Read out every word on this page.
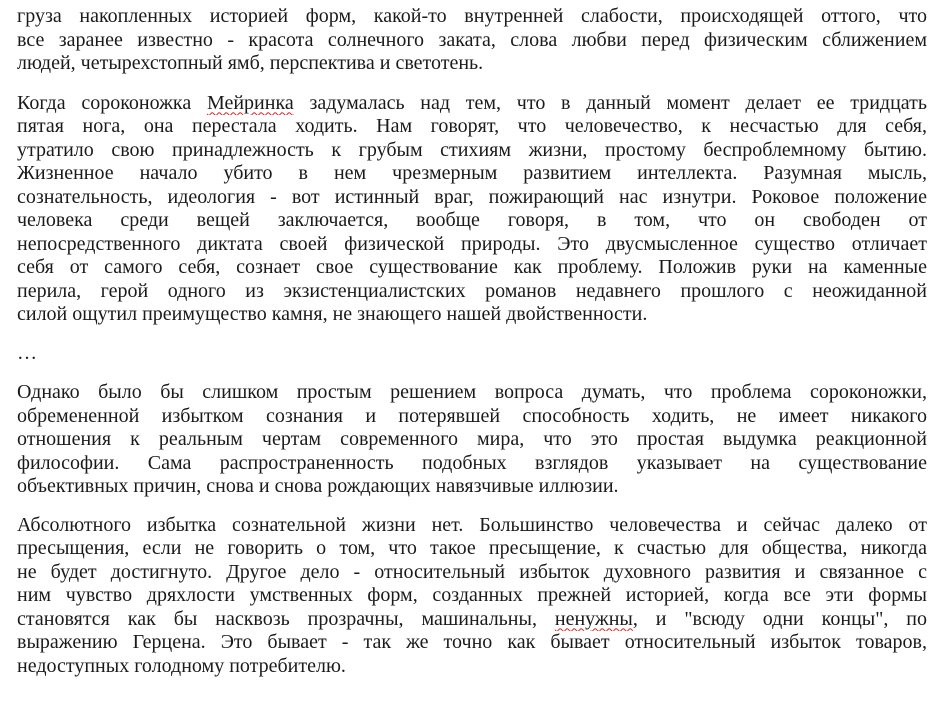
груза накопленных историей форм, какой-то внутренней слабости, происходящей оттого, что
все заранее известно - красота солнечного заката, слова любви перед физическим сближением
людей, четырехстопный ямб, перспектива и светотень.
Когда сороконожка Мейринка задумалась над тем, что в данный момент делает ее тридцать
пятая нога, она перестала ходить. Нам говорят, что человечество, к несчастью для себя,
утратило свою принадлежность к грубым стихиям жизни, простому беспроблемному бытию.
Жизненное начало убито в нем чрезмерным развитием интеллекта. Разумная мысль,
сознательность, идеология - вот истинный враг, пожирающий нас изнутри. Роковое положение
человека среди вещей заключается, вообще говоря, в том, что он свободен от
непосредственного диктата своей физической природы. Это двусмысленное существо отличает
себя от самого себя, сознает свое существование как проблему. Положив руки на каменные
перила, герой одного из экзистенциалистских романов недавнего прошлого с неожиданной
силой ощутил преимущество камня, не знающего нашей двойственности.
…
Однако было бы слишком простым решением вопроса думать, что проблема сороконожки,
обремененной избытком сознания и потерявшей способность ходить, не имеет никакого
отношения к реальным чертам современного мира, что это простая выдумка реакционной
философии. Сама распространенность подобных взглядов указывает на существование
объективных причин, снова и снова рождающих навязчивые иллюзии.
Абсолютного избытка сознательной жизни нет. Большинство человечества и сейчас далеко от
пресыщения, если не говорить о том, что такое пресыщение, к счастью для общества, никогда
не будет достигнуто. Другое дело - относительный избыток духовного развития и связанное с
ним чувство дряхлости умственных форм, созданных прежней историей, когда все эти формы
становятся как бы насквозь прозрачны, машинальны, ненужны, и "всюду одни концы", по
выражению Герцена. Это бывает - так же точно как бывает относительный избыток товаров,
недоступных голодному потребителю.
